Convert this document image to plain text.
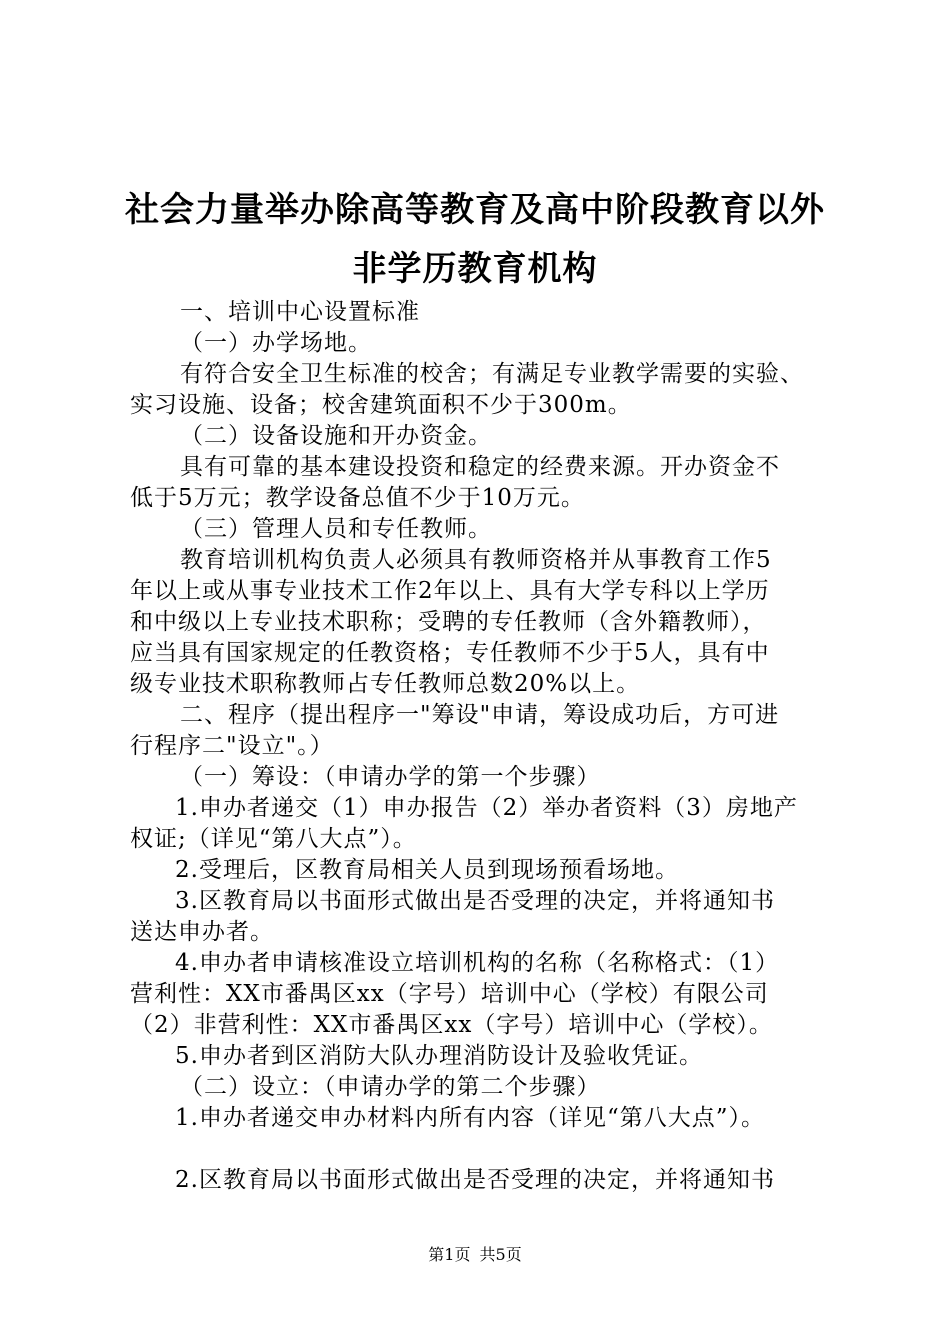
社会力量举办除高等教育及高中阶段教育以外
非学历教育机构
一、培训中心设置标准
（一）办学场地。
有符合安全卫生标准的校舍；有满足专业教学需要的实验、
实习设施、设备；校舍建筑面积不少于300m。
（二）设备设施和开办资金。
具有可靠的基本建设投资和稳定的经费来源。开办资金不
低于5万元；教学设备总值不少于10万元。
（三）管理人员和专任教师。
教育培训机构负责人必须具有教师资格并从事教育工作5
年以上或从事专业技术工作2年以上、具有大学专科以上学历
和中级以上专业技术职称；受聘的专任教师（含外籍教师），
应当具有国家规定的任教资格；专任教师不少于5人，具有中
级专业技术职称教师占专任教师总数20%以上。
二、程序（提出程序一"筹设"申请，筹设成功后，方可进
行程序二"设立"。）
（一）筹设：（申请办学的第一个步骤）
1.申办者递交（1）申办报告（2）举办者资料（3）房地产
权证;（详见“第八大点”）。
2.受理后，区教育局相关人员到现场预看场地。
3.区教育局以书面形式做出是否受理的决定，并将通知书
送达申办者。
4.申办者申请核准设立培训机构的名称（名称格式：（1）
营利性：XX市番禺区xx（字号）培训中心（学校）有限公司
（2）非营利性：XX市番禺区xx（字号）培训中心（学校）。
5.申办者到区消防大队办理消防设计及验收凭证。
（二）设立：（申请办学的第二个步骤）
1.申办者递交申办材料内所有内容（详见“第八大点”）。
2.区教育局以书面形式做出是否受理的决定，并将通知书
第1页 共5页
